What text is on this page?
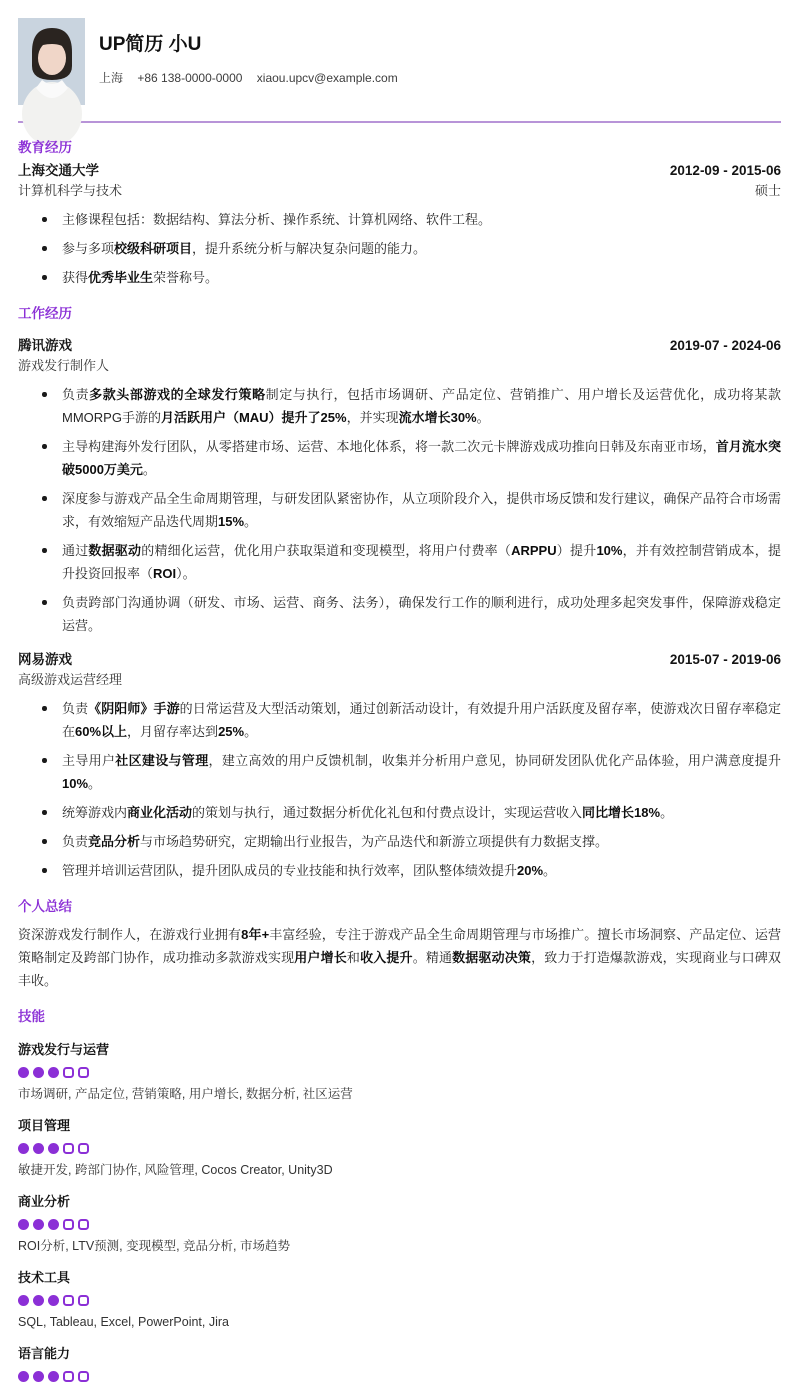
UP简历 小U
上海 +86 138-0000-0000 xiaou.upcv@example.com
教育经历
上海交通大学	2012-09 - 2015-06
计算机科学与技术	硕士
主修课程包括：数据结构、算法分析、操作系统、计算机网络、软件工程。
参与多项校级科研项目，提升系统分析与解决复杂问题的能力。
获得优秀毕业生荣誉称号。
工作经历
腾讯游戏	2019-07 - 2024-06
游戏发行制作人
负责多款头部游戏的全球发行策略制定与执行，包括市场调研、产品定位、营销推广、用户增长及运营优化，成功将某款MMORPG手游的月活跃用户（MAU）提升了25%，并实现流水增长30%。
主导构建海外发行团队，从零搭建市场、运营、本地化体系，将一款二次元卡牌游戏成功推向日韩及东南亚市场，首月流水突破5000万美元。
深度参与游戏产品全生命周期管理，与研发团队紧密协作，从立项阶段介入，提供市场反馈和发行建议，确保产品符合市场需求，有效缩短产品迭代周期15%。
通过数据驱动的精细化运营，优化用户获取渠道和变现模型，将用户付费率（ARPPU）提升10%，并有效控制营销成本，提升投资回报率（ROI）。
负责跨部门沟通协调（研发、市场、运营、商务、法务），确保发行工作的顺利进行，成功处理多起突发事件，保障游戏稳定运营。
网易游戏	2015-07 - 2019-06
高级游戏运营经理
负责《阴阳师》手游的日常运营及大型活动策划，通过创新活动设计，有效提升用户活跃度及留存率，使游戏次日留存率稳定在60%以上，月留存率达到25%。
主导用户社区建设与管理，建立高效的用户反馈机制，收集并分析用户意见，协同研发团队优化产品体验，用户满意度提升10%。
统筹游戏内商业化活动的策划与执行，通过数据分析优化礼包和付费点设计，实现运营收入同比增长18%。
负责竞品分析与市场趋势研究，定期输出行业报告，为产品迭代和新游立项提供有力数据支撑。
管理并培训运营团队，提升团队成员的专业技能和执行效率，团队整体绩效提升20%。
个人总结

资深游戏发行制作人，在游戏行业拥有8年+丰富经验，专注于游戏产品全生命周期管理与市场推广。擅长市场洞察、产品定位、运营策略制定及跨部门协作，成功推动多款游戏实现用户增长和收入提升。精通数据驱动决策，致力于打造爆款游戏，实现商业与口碑双丰收。

技能
游戏发行与运营
市场调研, 产品定位, 营销策略, 用户增长, 数据分析, 社区运营
项目管理
敏捷开发, 跨部门协作, 风险管理, Cocos Creator, Unity3D
商业分析
ROI分析, LTV预测, 变现模型, 竞品分析, 市场趋势
技术工具
SQL, Tableau, Excel, PowerPoint, Jira
语言能力
